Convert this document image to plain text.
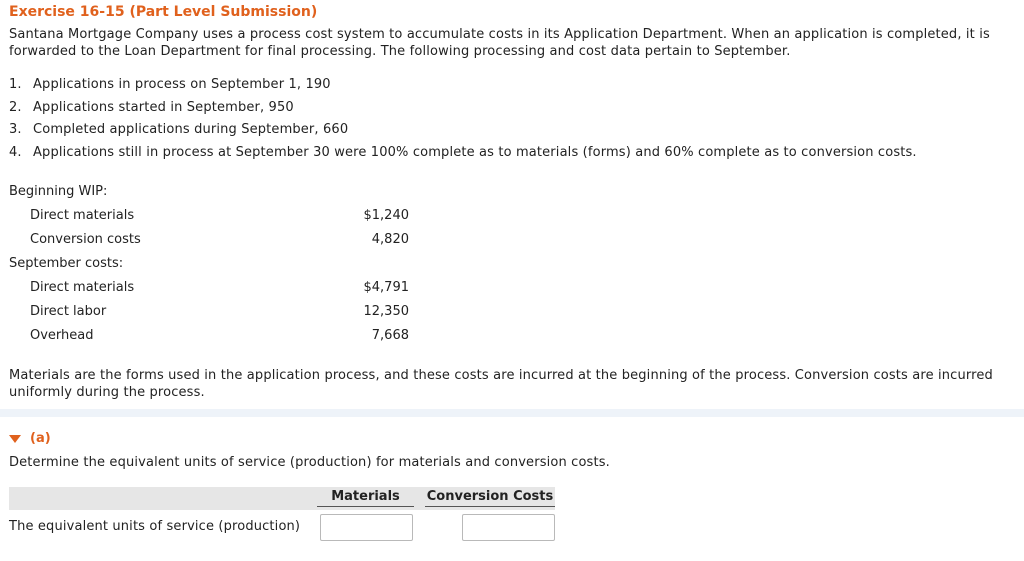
Exercise 16-15 (Part Level Submission)
Santana Mortgage Company uses a process cost system to accumulate costs in its Application Department. When an application is completed, it is forwarded to the Loan Department for final processing. The following processing and cost data pertain to September.
1. Applications in process on September 1, 190
2. Applications started in September, 950
3. Completed applications during September, 660
4. Applications still in process at September 30 were 100% complete as to materials (forms) and 60% complete as to conversion costs.
Beginning WIP:
Direct materials	$1,240
Conversion costs	4,820
September costs:
Direct materials	$4,791
Direct labor	12,350
Overhead	7,668
Materials are the forms used in the application process, and these costs are incurred at the beginning of the process. Conversion costs are incurred uniformly during the process.
(a)
Determine the equivalent units of service (production) for materials and conversion costs.
Materials	Conversion Costs
The equivalent units of service (production)
